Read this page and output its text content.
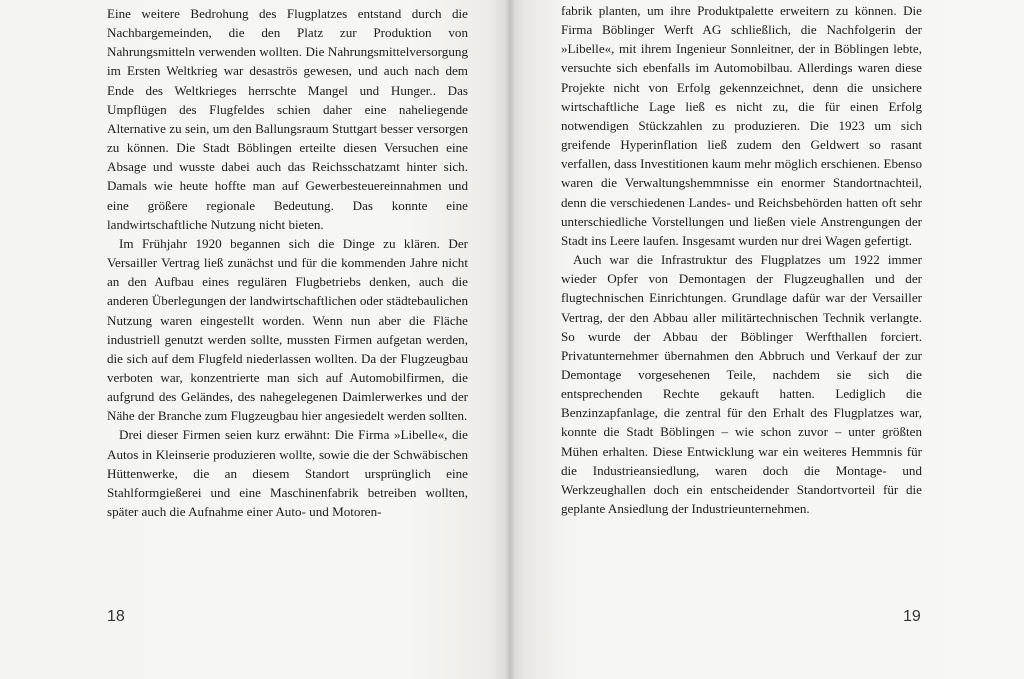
Eine weitere Bedrohung des Flugplatzes entstand durch die Nachbargemeinden, die den Platz zur Produktion von Nahrungsmitteln verwenden wollten. Die Nahrungsmittelversorgung im Ersten Weltkrieg war desaströs gewesen, und auch nach dem Ende des Weltkrieges herrschte Mangel und Hunger.. Das Umpflügen des Flugfeldes schien daher eine naheliegende Alternative zu sein, um den Ballungsraum Stuttgart besser versorgen zu können. Die Stadt Böblingen erteilte diesen Versuchen eine Absage und wusste dabei auch das Reichsschatzamt hinter sich. Damals wie heute hoffte man auf Gewerbesteuereinnahmen und eine größere regionale Bedeutung. Das konnte eine landwirtschaftliche Nutzung nicht bieten.

Im Frühjahr 1920 begannen sich die Dinge zu klären. Der Versailler Vertrag ließ zunächst und für die kommenden Jahre nicht an den Aufbau eines regulären Flugbetriebs denken, auch die anderen Überlegungen der landwirtschaftlichen oder städtebaulichen Nutzung waren eingestellt worden. Wenn nun aber die Fläche industriell genutzt werden sollte, mussten Firmen aufgetan werden, die sich auf dem Flugfeld niederlassen wollten. Da der Flugzeugbau verboten war, konzentrierte man sich auf Automobilfirmen, die aufgrund des Geländes, des nahegelegenen Daimlerwerkes und der Nähe der Branche zum Flugzeugbau hier angesiedelt werden sollten.

Drei dieser Firmen seien kurz erwähnt: Die Firma »Libelle«, die Autos in Kleinserie produzieren wollte, sowie die der Schwäbischen Hüttenwerke, die an diesem Standort ursprünglich eine Stahlformgießerei und eine Maschinenfabrik betreiben wollten, später auch die Aufnahme einer Auto- und Motoren-

18

fabrik planten, um ihre Produktpalette erweitern zu können. Die Firma Böblinger Werft AG schließlich, die Nachfolgerin der »Libelle«, mit ihrem Ingenieur Sonnleitner, der in Böblingen lebte, versuchte sich ebenfalls im Automobilbau. Allerdings waren diese Projekte nicht von Erfolg gekennzeichnet, denn die unsichere wirtschaftliche Lage ließ es nicht zu, die für einen Erfolg notwendigen Stückzahlen zu produzieren. Die 1923 um sich greifende Hyperinflation ließ zudem den Geldwert so rasant verfallen, dass Investitionen kaum mehr möglich erschienen. Ebenso waren die Verwaltungshemmnisse ein enormer Standortnachteil, denn die verschiedenen Landes- und Reichsbehörden hatten oft sehr unterschiedliche Vorstellungen und ließen viele Anstrengungen der Stadt ins Leere laufen. Insgesamt wurden nur drei Wagen gefertigt.

Auch war die Infrastruktur des Flugplatzes um 1922 immer wieder Opfer von Demontagen der Flugzeughallen und der flugtechnischen Einrichtungen. Grundlage dafür war der Versailler Vertrag, der den Abbau aller militärtechnischen Technik verlangte. So wurde der Abbau der Böblinger Werfthallen forciert. Privatunternehmer übernahmen den Abbruch und Verkauf der zur Demontage vorgesehenen Teile, nachdem sie sich die entsprechenden Rechte gekauft hatten. Lediglich die Benzinzapfanlage, die zentral für den Erhalt des Flugplatzes war, konnte die Stadt Böblingen – wie schon zuvor – unter größten Mühen erhalten. Diese Entwicklung war ein weiteres Hemmnis für die Industrieansiedlung, waren doch die Montage- und Werkzeughallen doch ein entscheidender Standortvorteil für die geplante Ansiedlung der Industrieunternehmen.

19
